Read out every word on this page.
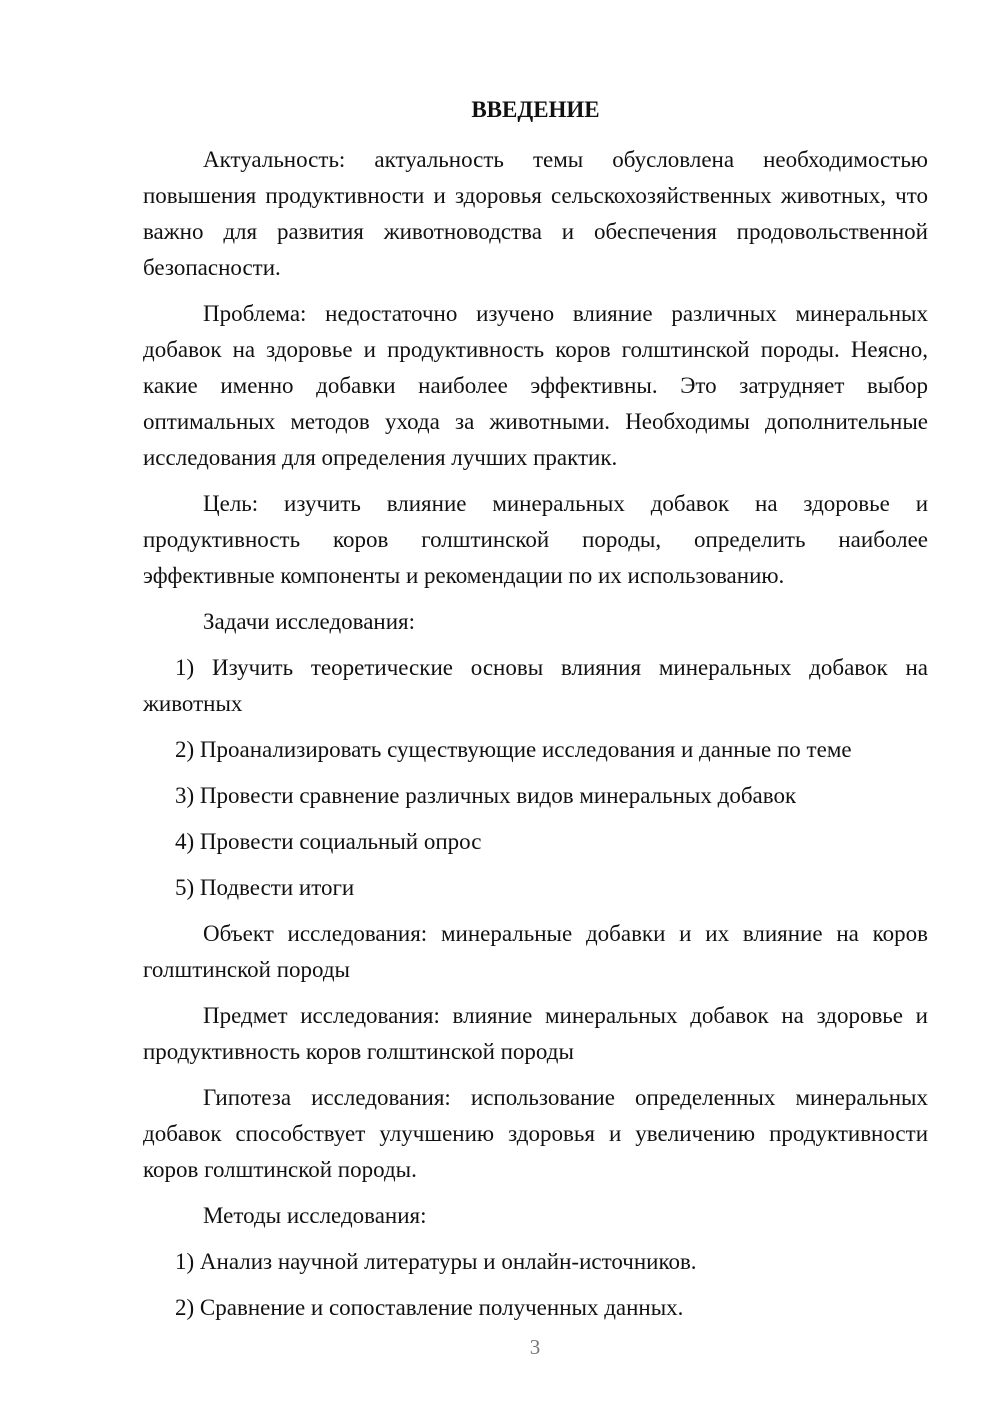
ВВЕДЕНИЕ

Актуальность: актуальность темы обусловлена необходимостью повышения продуктивности и здоровья сельскохозяйственных животных, что важно для развития животноводства и обеспечения продовольственной безопасности.

Проблема: недостаточно изучено влияние различных минеральных добавок на здоровье и продуктивность коров голштинской породы. Неясно, какие именно добавки наиболее эффективны. Это затрудняет выбор оптимальных методов ухода за животными. Необходимы дополнительные исследования для определения лучших практик.

Цель: изучить влияние минеральных добавок на здоровье и продуктивность коров голштинской породы, определить наиболее эффективные компоненты и рекомендации по их использованию.

Задачи исследования:

1) Изучить теоретические основы влияния минеральных добавок на животных

2) Проанализировать существующие исследования и данные по теме

3) Провести сравнение различных видов минеральных добавок

4) Провести социальный опрос

5) Подвести итоги

Объект исследования: минеральные добавки и их влияние на коров голштинской породы

Предмет исследования: влияние минеральных добавок на здоровье и продуктивность коров голштинской породы

Гипотеза исследования: использование определенных минеральных добавок способствует улучшению здоровья и увеличению продуктивности коров голштинской породы.

Методы исследования:

1) Анализ научной литературы и онлайн-источников.

2) Сравнение и сопоставление полученных данных.

3
